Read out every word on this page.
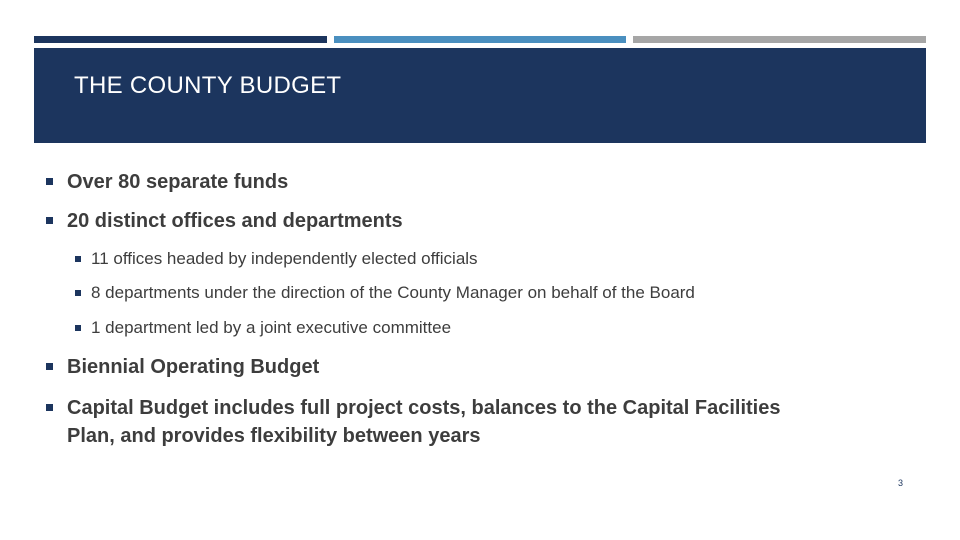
THE COUNTY BUDGET
Over 80 separate funds
20 distinct offices and departments
11 offices headed by independently elected officials
8 departments under the direction of the County Manager on behalf of the Board
1 department led by a joint executive committee
Biennial Operating Budget
Capital Budget includes full project costs, balances to the Capital Facilities Plan, and provides flexibility between years
3
